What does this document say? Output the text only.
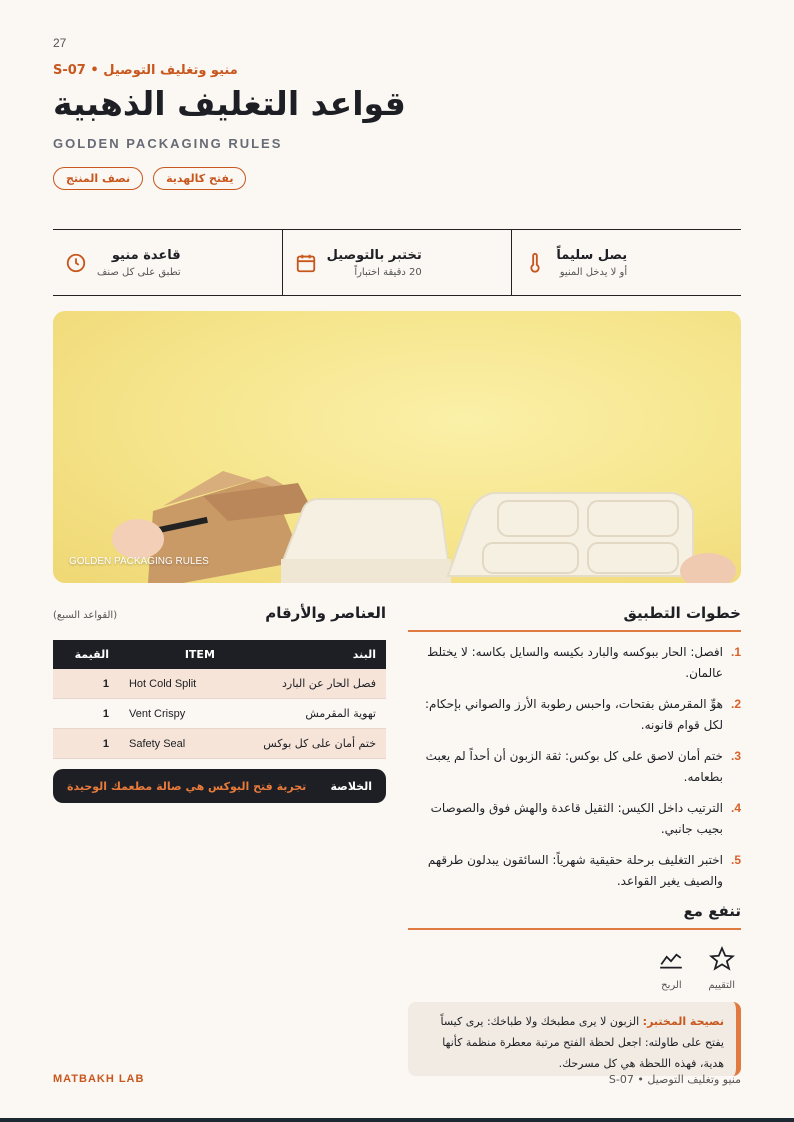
27
S-07 • منيو وتغليف التوصيل
قواعد التغليف الذهبية
GOLDEN PACKAGING RULES
نصف المنتج	يفتح كالهدية
قاعدة منيو
تطبق على كل صنف
تختبر بالتوصيل
20 دقيقة اختباراً
يصل سليماً
أو لا يدخل المنيو
GOLDEN PACKAGING RULES
العناصر والأرقام
(القواعد السبع)
البند	ITEM	القيمة
فصل الحار عن البارد	Hot Cold Split	1
تهوية المقرمش	Vent Crispy	1
ختم أمان على كل بوكس	Safety Seal	1
الخلاصة
تجربة فتح البوكس هي صالة مطعمك الوحيدة
خطوات التطبيق
1.
افصل: الحار ببوكسه والبارد بكيسه والسايل بكاسه: لا يختلط عالمان.
2.
هوِّ المقرمش بفتحات، واحبس رطوبة الأرز والصواني بإحكام: لكل قوام قانونه.
3.
ختم أمان لاصق على كل بوكس: ثقة الزبون أن أحداً لم يعبث بطعامه.
4.
الترتيب داخل الكيس: الثقيل قاعدة والهش فوق والصوصات بجيب جانبي.
5.
اختبر التغليف برحلة حقيقية شهرياً: السائقون يبدلون طرقهم والصيف يغير القواعد.
تنفع مع
التقييم
الربح
نصيحة المختبر: الزبون لا يرى مطبخك ولا طباخك: يرى كيساً يفتح على طاولته: اجعل لحظة الفتح مرتبة معطرة منظمة كأنها هدية، فهذه اللحظة هي كل مسرحك.
MATBAKH LAB	S-07 • منيو وتغليف التوصيل
